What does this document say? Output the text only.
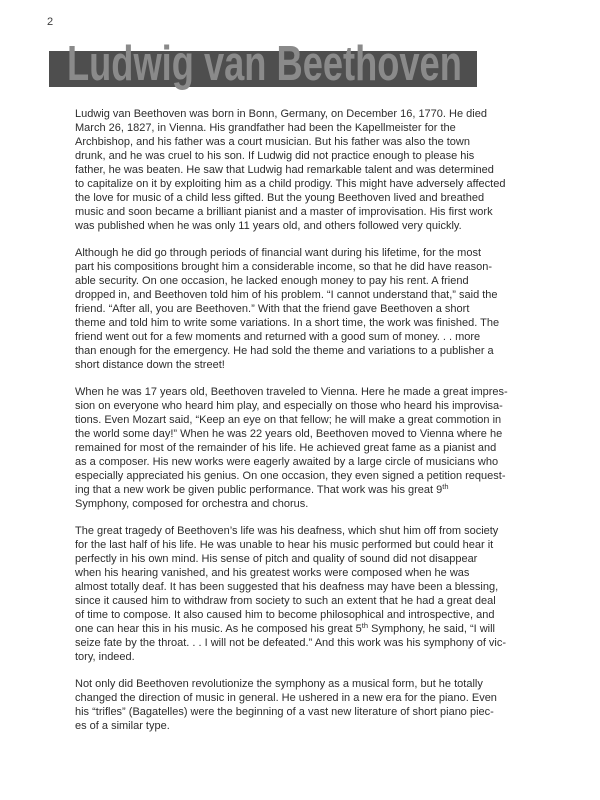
2
Ludwig van Beethoven

Ludwig van Beethoven was born in Bonn, Germany, on December 16, 1770. He died
March 26, 1827, in Vienna. His grandfather had been the Kapellmeister for the
Archbishop, and his father was a court musician. But his father was also the town
drunk, and he was cruel to his son. If Ludwig did not practice enough to please his
father, he was beaten. He saw that Ludwig had remarkable talent and was determined
to capitalize on it by exploiting him as a child prodigy. This might have adversely affected
the love for music of a child less gifted. But the young Beethoven lived and breathed
music and soon became a brilliant pianist and a master of improvisation. His first work
was published when he was only 11 years old, and others followed very quickly.

Although he did go through periods of financial want during his lifetime, for the most
part his compositions brought him a considerable income, so that he did have reason-
able security. On one occasion, he lacked enough money to pay his rent. A friend
dropped in, and Beethoven told him of his problem. “I cannot understand that,” said the
friend. “After all, you are Beethoven.” With that the friend gave Beethoven a short
theme and told him to write some variations. In a short time, the work was finished. The
friend went out for a few moments and returned with a good sum of money. . . more
than enough for the emergency. He had sold the theme and variations to a publisher a
short distance down the street!

When he was 17 years old, Beethoven traveled to Vienna. Here he made a great impres-
sion on everyone who heard him play, and especially on those who heard his improvisa-
tions. Even Mozart said, “Keep an eye on that fellow; he will make a great commotion in
the world some day!” When he was 22 years old, Beethoven moved to Vienna where he
remained for most of the remainder of his life. He achieved great fame as a pianist and
as a composer. His new works were eagerly awaited by a large circle of musicians who
especially appreciated his genius. On one occasion, they even signed a petition request-
ing that a new work be given public performance. That work was his great 9th
Symphony, composed for orchestra and chorus.

The great tragedy of Beethoven’s life was his deafness, which shut him off from society
for the last half of his life. He was unable to hear his music performed but could hear it
perfectly in his own mind. His sense of pitch and quality of sound did not disappear
when his hearing vanished, and his greatest works were composed when he was
almost totally deaf. It has been suggested that his deafness may have been a blessing,
since it caused him to withdraw from society to such an extent that he had a great deal
of time to compose. It also caused him to become philosophical and introspective, and
one can hear this in his music. As he composed his great 5th Symphony, he said, “I will
seize fate by the throat. . . I will not be defeated.” And this work was his symphony of vic-
tory, indeed.

Not only did Beethoven revolutionize the symphony as a musical form, but he totally
changed the direction of music in general. He ushered in a new era for the piano. Even
his “trifles” (Bagatelles) were the beginning of a vast new literature of short piano piec-
es of a similar type.
